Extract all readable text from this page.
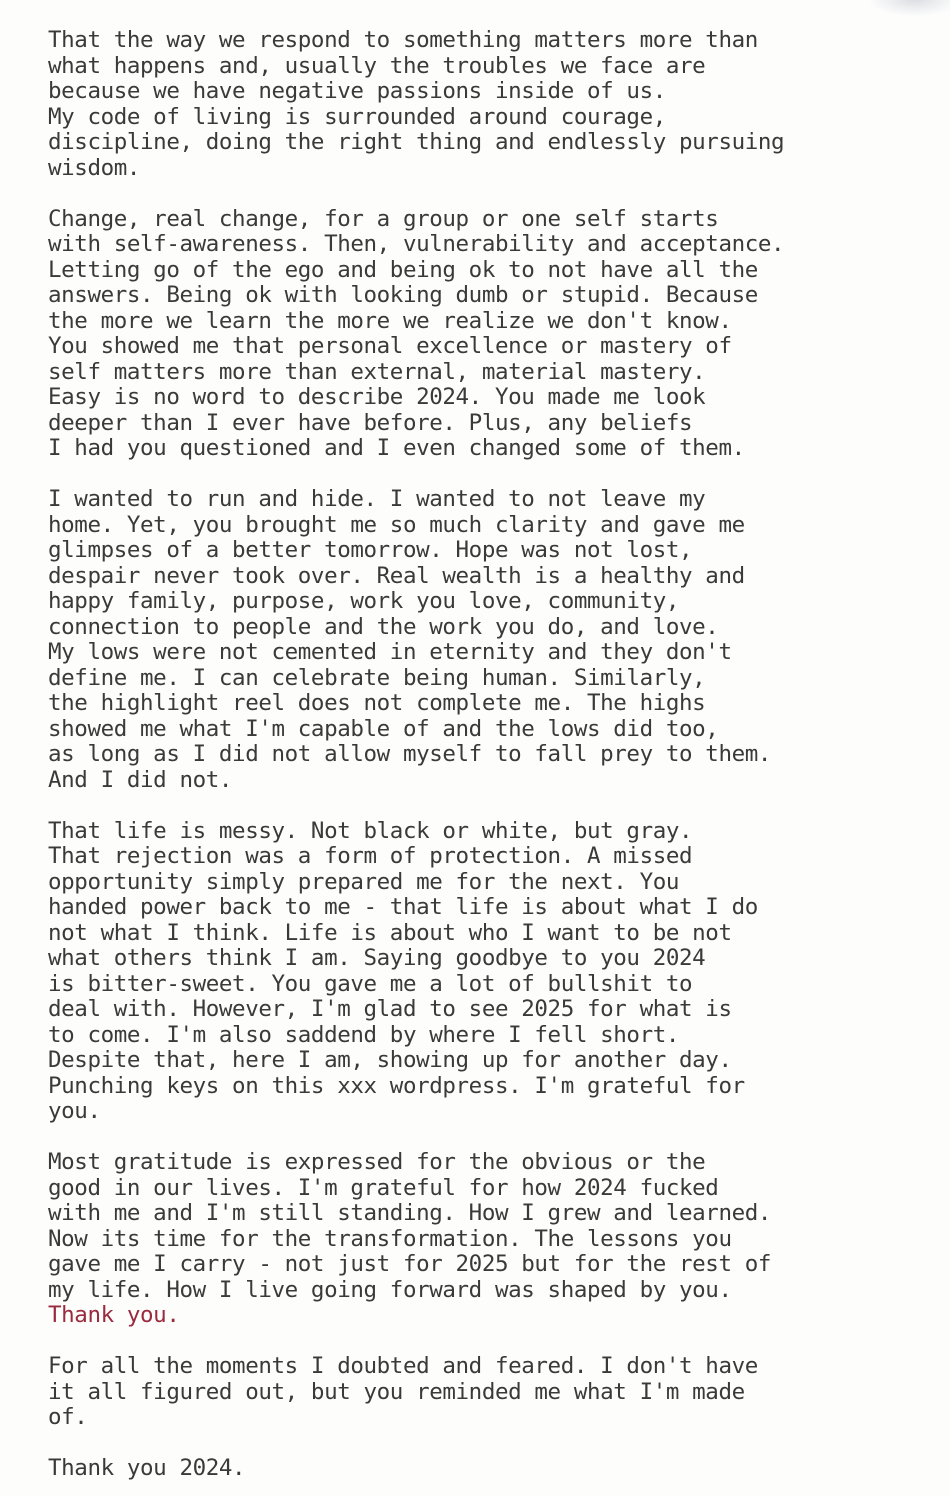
That the way we respond to something matters more than
what happens and, usually the troubles we face are
because we have negative passions inside of us.
My code of living is surrounded around courage,
discipline, doing the right thing and endlessly pursuing
wisdom.
Change, real change, for a group or one self starts
with self-awareness. Then, vulnerability and acceptance.
Letting go of the ego and being ok to not have all the
answers. Being ok with looking dumb or stupid. Because
the more we learn the more we realize we don't know.
You showed me that personal excellence or mastery of
self matters more than external, material mastery.
Easy is no word to describe 2024. You made me look
deeper than I ever have before. Plus, any beliefs
I had you questioned and I even changed some of them.
I wanted to run and hide. I wanted to not leave my
home. Yet, you brought me so much clarity and gave me
glimpses of a better tomorrow. Hope was not lost,
despair never took over. Real wealth is a healthy and
happy family, purpose, work you love, community,
connection to people and the work you do, and love.
My lows were not cemented in eternity and they don't
define me. I can celebrate being human. Similarly,
the highlight reel does not complete me. The highs
showed me what I'm capable of and the lows did too,
as long as I did not allow myself to fall prey to them.
And I did not.
That life is messy. Not black or white, but gray.
That rejection was a form of protection. A missed
opportunity simply prepared me for the next. You
handed power back to me - that life is about what I do
not what I think. Life is about who I want to be not
what others think I am. Saying goodbye to you 2024
is bitter-sweet. You gave me a lot of bullshit to
deal with. However, I'm glad to see 2025 for what is
to come. I'm also saddend by where I fell short.
Despite that, here I am, showing up for another day.
Punching keys on this xxx wordpress. I'm grateful for
you.
Most gratitude is expressed for the obvious or the
good in our lives. I'm grateful for how 2024 fucked
with me and I'm still standing. How I grew and learned.
Now its time for the transformation. The lessons you
gave me I carry - not just for 2025 but for the rest of
my life. How I live going forward was shaped by you.
Thank you.
For all the moments I doubted and feared. I don't have
it all figured out, but you reminded me what I'm made
of.
Thank you 2024.
